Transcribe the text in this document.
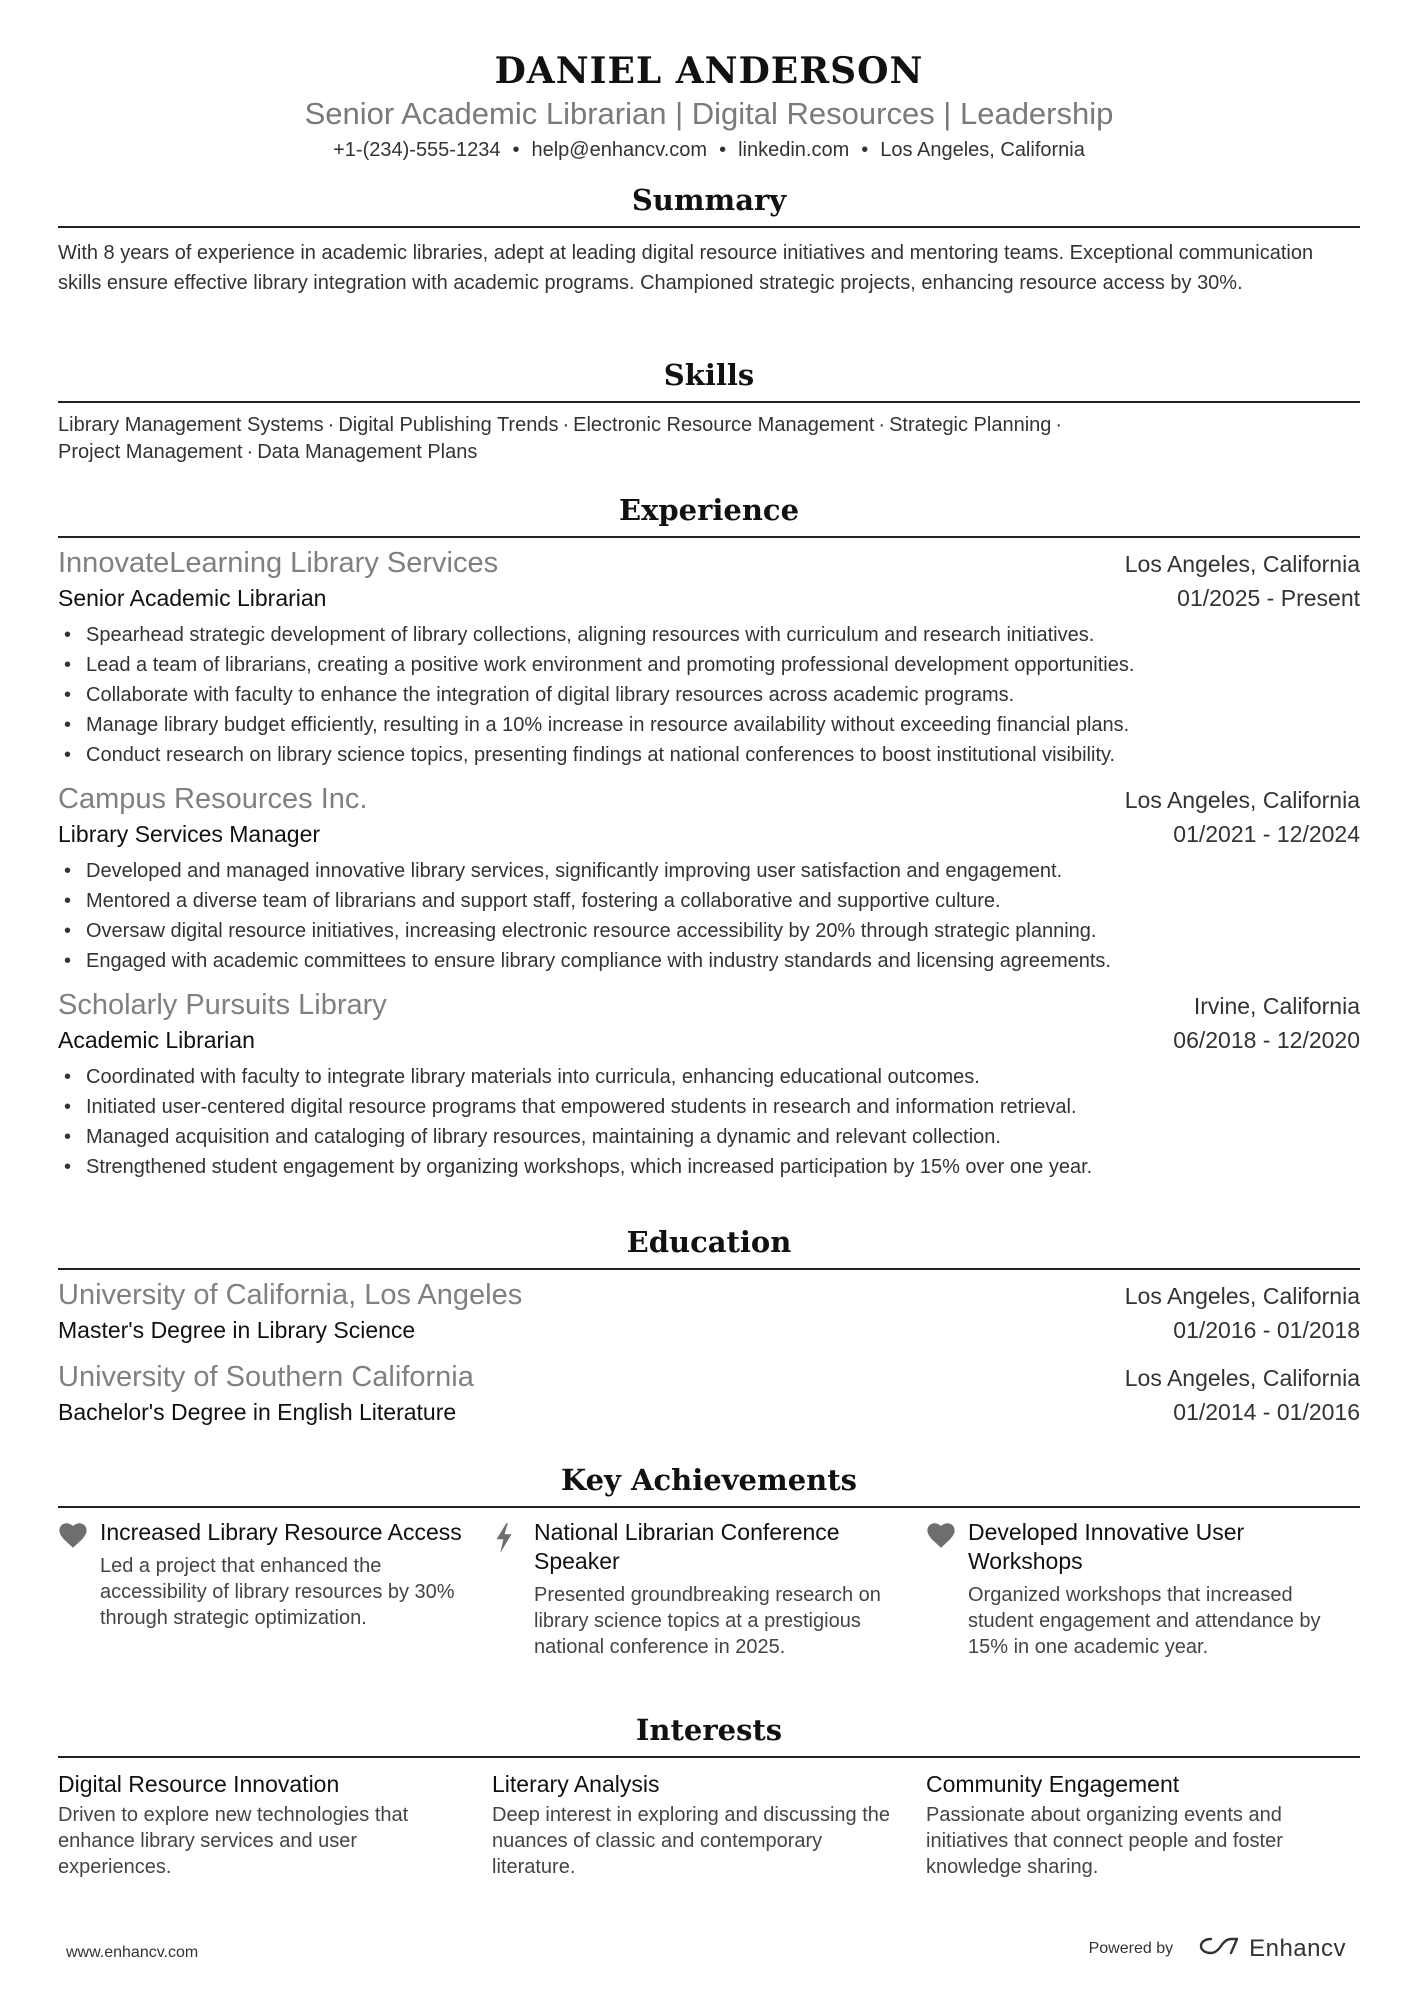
DANIEL ANDERSON
Senior Academic Librarian | Digital Resources | Leadership
+1-(234)-555-1234 • help@enhancv.com • linkedin.com • Los Angeles, California
Summary
With 8 years of experience in academic libraries, adept at leading digital resource initiatives and mentoring teams. Exceptional communication skills ensure effective library integration with academic programs. Championed strategic projects, enhancing resource access by 30%.
Skills
Library Management Systems · Digital Publishing Trends · Electronic Resource Management · Strategic Planning ·
Project Management · Data Management Plans
Experience
InnovateLearning Library Services	Los Angeles, California
Senior Academic Librarian	01/2025 - Present
• Spearhead strategic development of library collections, aligning resources with curriculum and research initiatives.
• Lead a team of librarians, creating a positive work environment and promoting professional development opportunities.
• Collaborate with faculty to enhance the integration of digital library resources across academic programs.
• Manage library budget efficiently, resulting in a 10% increase in resource availability without exceeding financial plans.
• Conduct research on library science topics, presenting findings at national conferences to boost institutional visibility.
Campus Resources Inc.	Los Angeles, California
Library Services Manager	01/2021 - 12/2024
• Developed and managed innovative library services, significantly improving user satisfaction and engagement.
• Mentored a diverse team of librarians and support staff, fostering a collaborative and supportive culture.
• Oversaw digital resource initiatives, increasing electronic resource accessibility by 20% through strategic planning.
• Engaged with academic committees to ensure library compliance with industry standards and licensing agreements.
Scholarly Pursuits Library	Irvine, California
Academic Librarian	06/2018 - 12/2020
• Coordinated with faculty to integrate library materials into curricula, enhancing educational outcomes.
• Initiated user-centered digital resource programs that empowered students in research and information retrieval.
• Managed acquisition and cataloging of library resources, maintaining a dynamic and relevant collection.
• Strengthened student engagement by organizing workshops, which increased participation by 15% over one year.
Education
University of California, Los Angeles	Los Angeles, California
Master's Degree in Library Science	01/2016 - 01/2018
University of Southern California	Los Angeles, California
Bachelor's Degree in English Literature	01/2014 - 01/2016
Key Achievements
Increased Library Resource Access
Led a project that enhanced the accessibility of library resources by 30% through strategic optimization.
National Librarian Conference Speaker
Presented groundbreaking research on library science topics at a prestigious national conference in 2025.
Developed Innovative User Workshops
Organized workshops that increased student engagement and attendance by 15% in one academic year.
Interests
Digital Resource Innovation
Driven to explore new technologies that enhance library services and user experiences.
Literary Analysis
Deep interest in exploring and discussing the nuances of classic and contemporary literature.
Community Engagement
Passionate about organizing events and initiatives that connect people and foster knowledge sharing.
www.enhancv.com	Powered by	Enhancv
